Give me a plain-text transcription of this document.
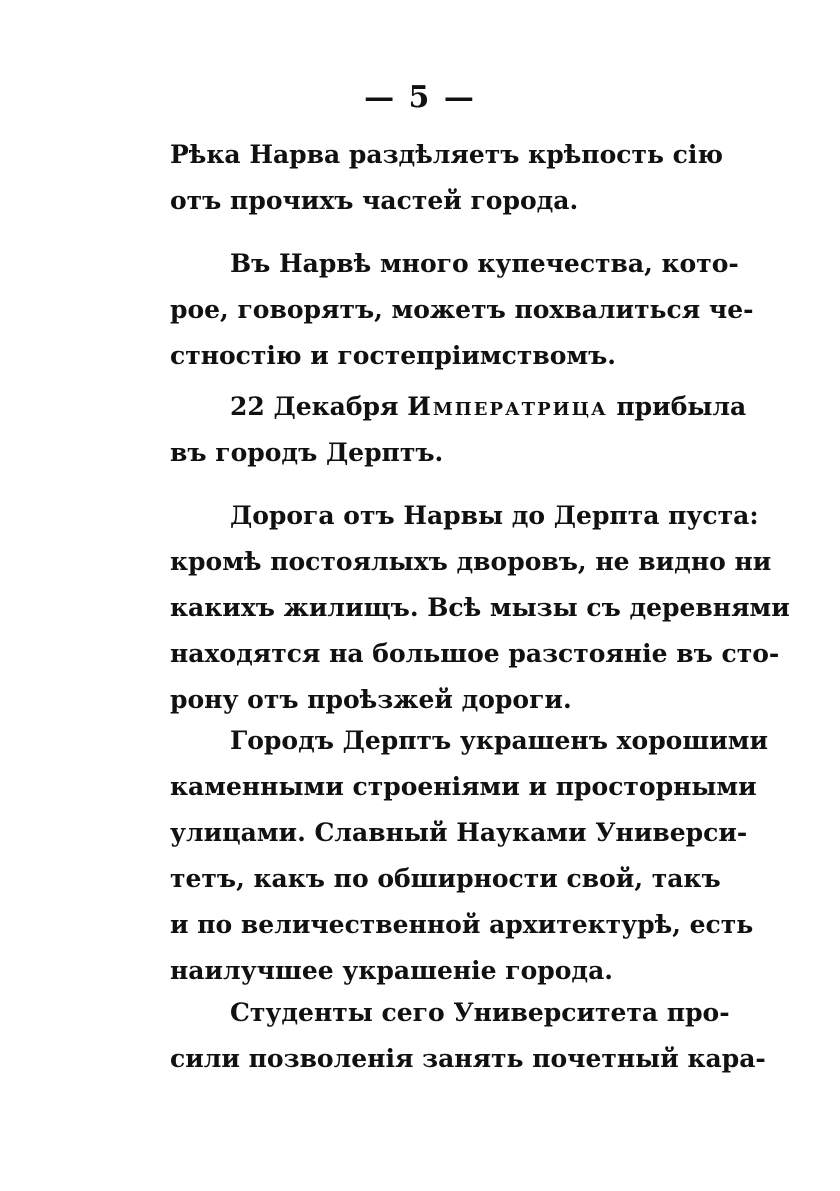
— 5 —
Рѣка Нарва раздѣляетъ крѣпость сiю
отъ прочихъ частей города.
Въ Нарвѣ много купечества, кото-
рое, говорятъ, можетъ похвалиться че-
стностiю и гостепрiимствомъ.
22 Декабря Императрица прибыла
въ городъ Дерптъ.
Дорога отъ Нарвы до Дерпта пуста:
кромѣ постоялыхъ дворовъ, не видно ни
какихъ жилищъ. Всѣ мызы съ деревнями
находятся на большое разстоянiе въ сто-
рону отъ проѣзжей дороги.
Городъ Дерптъ украшенъ хорошими
каменными строенiями и просторными
улицами. Славный Науками Универси-
тетъ, какъ по обширности свой, такъ
и по величественной архитектурѣ, есть
наилучшее украшенiе города.
Студенты сего Университета про-
сили позволенiя занять почетный кара-
